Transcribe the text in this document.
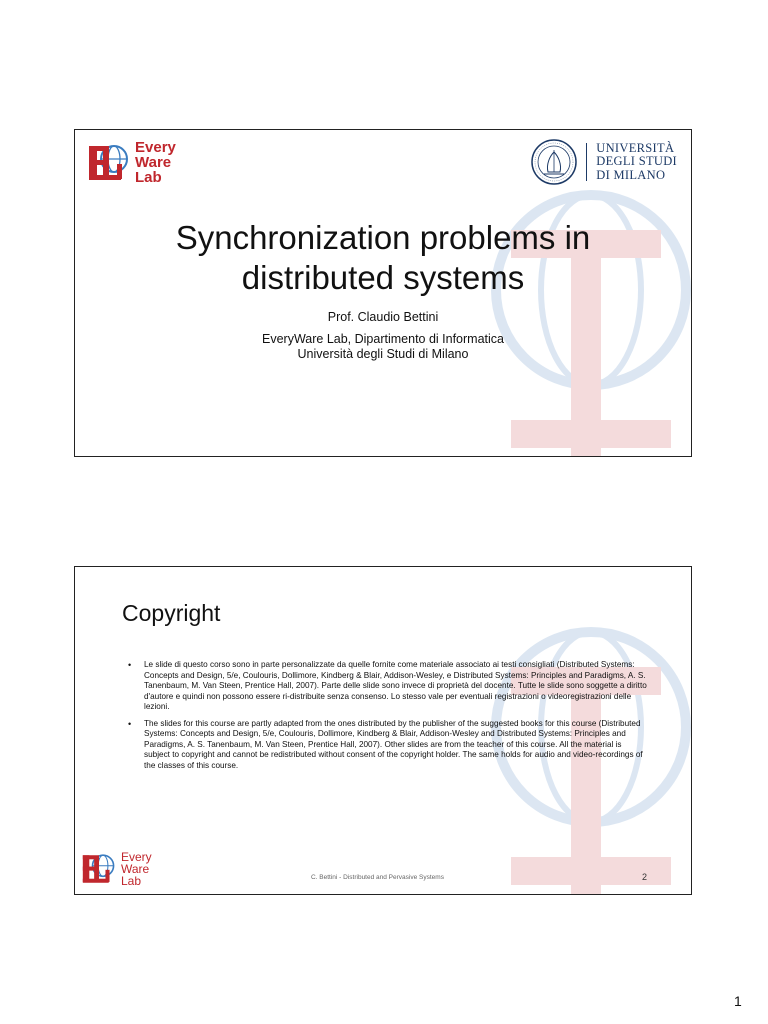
Every
Ware
Lab
UNIVERSITÀ
DEGLI STUDI
DI MILANO
Synchronization problems in
distributed systems
Prof. Claudio Bettini
EveryWare Lab, Dipartimento di Informatica
Università degli Studi di Milano
Copyright
• Le slide di questo corso sono in parte personalizzate da quelle fornite come materiale associato ai testi consigliati (Distributed Systems: Concepts and Design, 5/e, Coulouris, Dollimore, Kindberg & Blair, Addison-Wesley, e Distributed Systems: Principles and Paradigms, A. S. Tanenbaum, M. Van Steen, Prentice Hall, 2007). Parte delle slide sono invece di proprietà del docente. Tutte le slide sono soggette a diritto d'autore e quindi non possono essere ri-distribuite senza consenso. Lo stesso vale per eventuali registrazioni o videoregistrazioni delle lezioni.
• The slides for this course are partly adapted from the ones distributed by the publisher of the suggested books for this course (Distributed Systems: Concepts and Design, 5/e, Coulouris, Dollimore, Kindberg & Blair, Addison-Wesley and Distributed Systems: Principles and Paradigms, A. S. Tanenbaum, M. Van Steen, Prentice Hall, 2007). Other slides are from the teacher of this course. All the material is subject to copyright and cannot be redistributed without consent of the copyright holder. The same holds for audio and video-recordings of the classes of this course.
Every
Ware
Lab	C. Bettini - Distributed and Pervasive Systems	2
1
